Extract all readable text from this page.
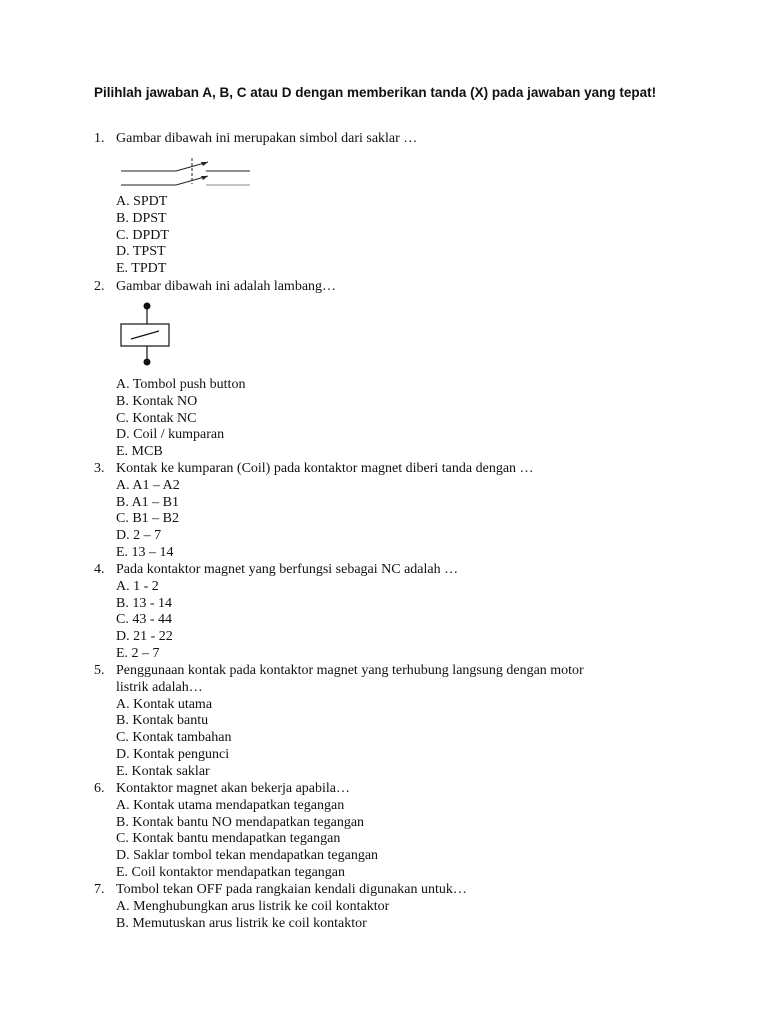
Pilihlah jawaban A, B, C atau D dengan memberikan tanda (X) pada jawaban yang tepat!
1. Gambar dibawah ini merupakan simbol dari saklar …
A. SPDT
B. DPST
C. DPDT
D. TPST
E. TPDT
2. Gambar dibawah ini adalah lambang…
A. Tombol push button
B. Kontak NO
C. Kontak NC
D. Coil / kumparan
E. MCB
3. Kontak ke kumparan (Coil) pada kontaktor magnet diberi tanda dengan …
A. A1 – A2
B. A1 – B1
C. B1 – B2
D. 2 – 7
E. 13 – 14
4. Pada kontaktor magnet yang berfungsi sebagai NC adalah …
A. 1 - 2
B. 13 - 14
C. 43 - 44
D. 21 - 22
E. 2 – 7
5. Penggunaan kontak pada kontaktor magnet yang terhubung langsung dengan motor
listrik adalah…
A. Kontak utama
B. Kontak bantu
C. Kontak tambahan
D. Kontak pengunci
E. Kontak saklar
6. Kontaktor magnet akan bekerja apabila…
A. Kontak utama mendapatkan tegangan
B. Kontak bantu NO mendapatkan tegangan
C. Kontak bantu mendapatkan tegangan
D. Saklar tombol tekan mendapatkan tegangan
E. Coil kontaktor mendapatkan tegangan
7. Tombol tekan OFF pada rangkaian kendali digunakan untuk…
A. Menghubungkan arus listrik ke coil kontaktor
B. Memutuskan arus listrik ke coil kontaktor
